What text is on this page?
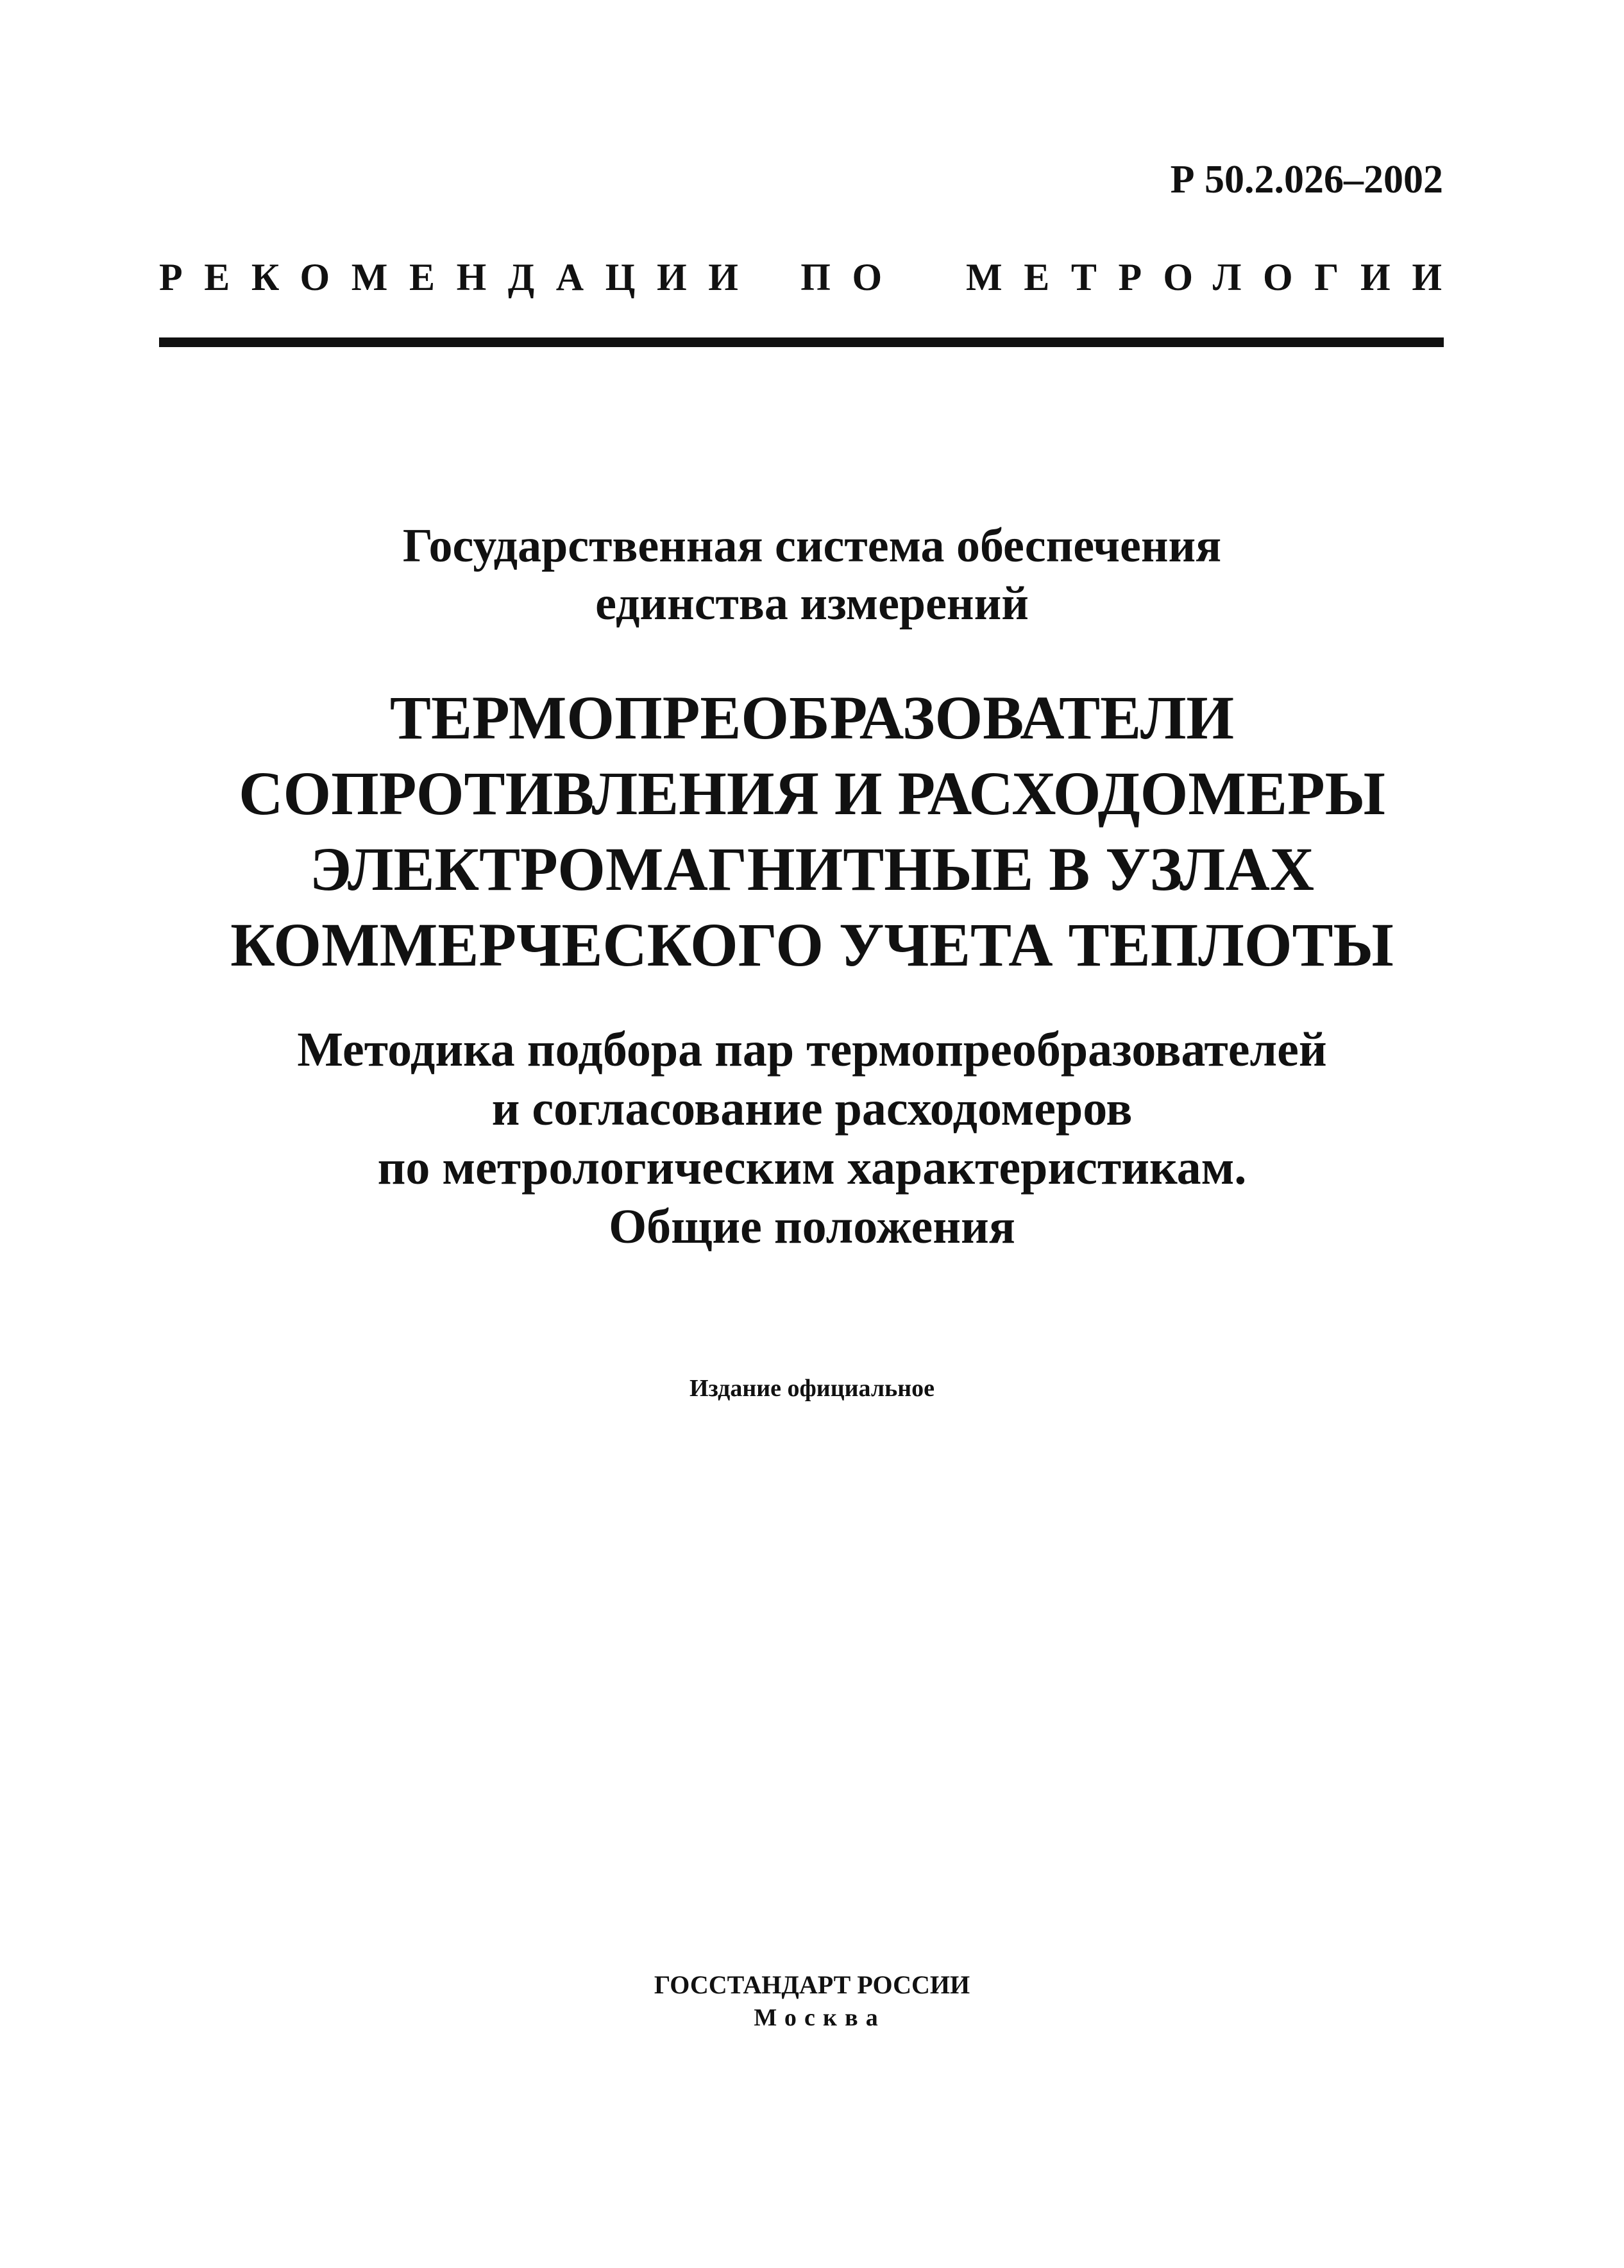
Р 50.2.026–2002
РЕКОМЕНДАЦИИ ПО МЕТРОЛОГИИ
Государственная система обеспечения
единства измерений
ТЕРМОПРЕОБРАЗОВАТЕЛИ
СОПРОТИВЛЕНИЯ И РАСХОДОМЕРЫ
ЭЛЕКТРОМАГНИТНЫЕ В УЗЛАХ
КОММЕРЧЕСКОГО УЧЕТА ТЕПЛОТЫ
Методика подбора пар термопреобразователей
и согласование расходомеров
по метрологическим характеристикам.
Общие положения
Издание официальное
ГОССТАНДАРТ РОССИИ
Москва
